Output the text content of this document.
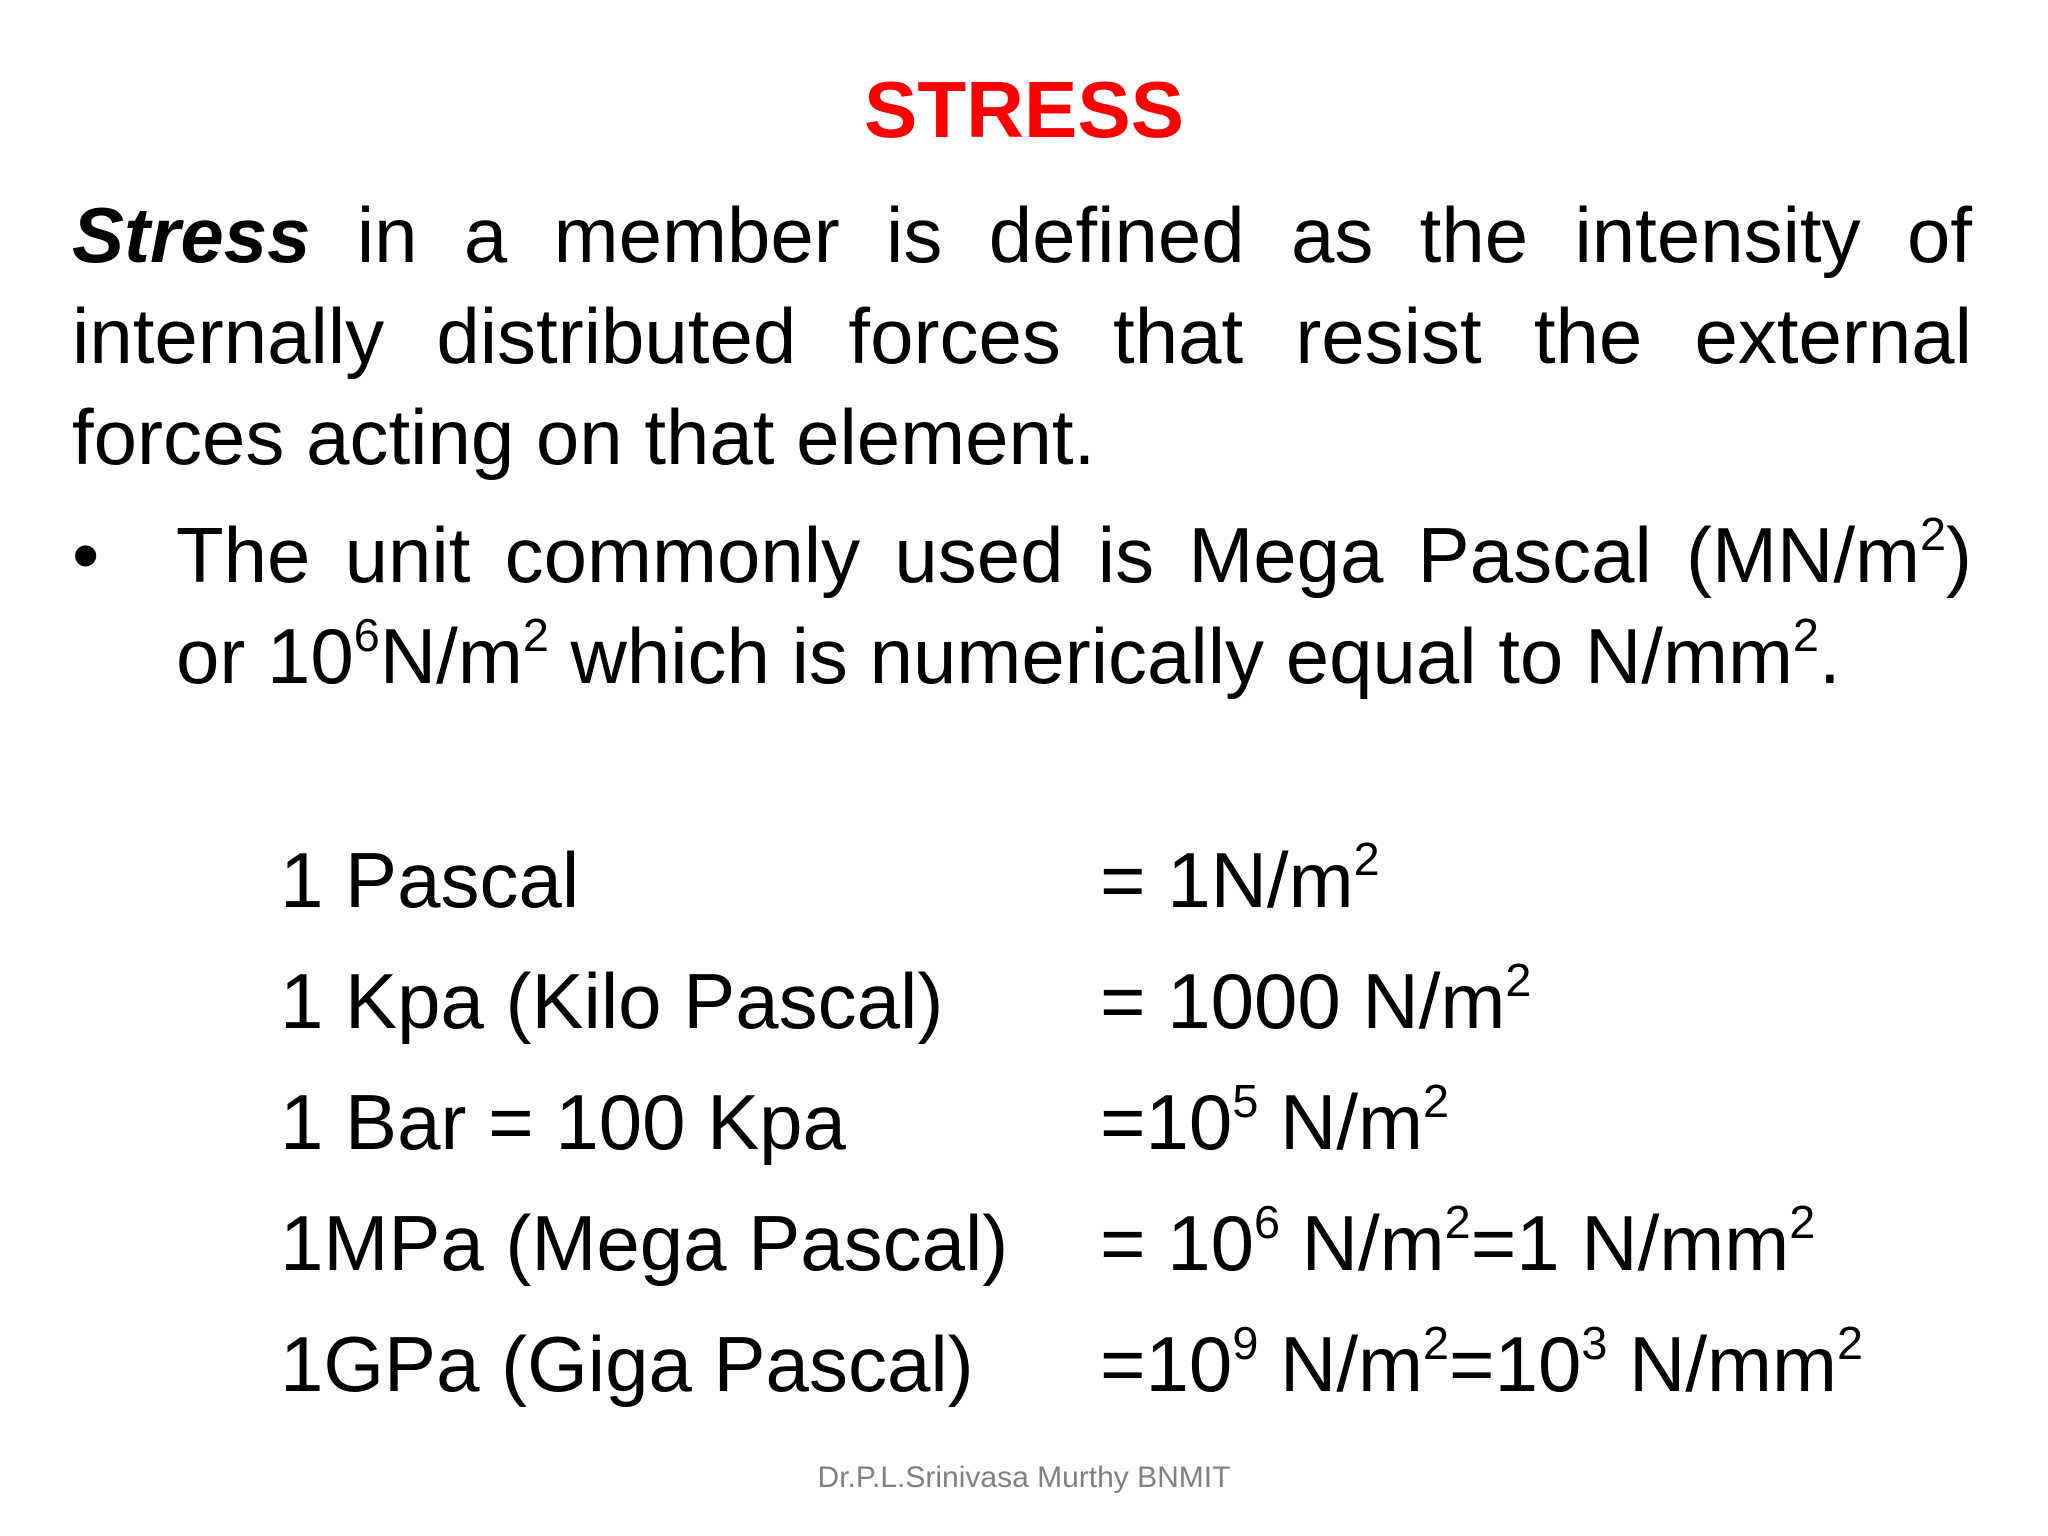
STRESS

Stress in a member is defined as the intensity of internally distributed forces that resist the external forces acting on that element.

• The unit commonly used is Mega Pascal $(MN/m^2)$ or $10^6N/m^2$ which is numerically equal to $N/mm^2$.

1 Pascal	= $1N/m^2$
1 Kpa (Kilo Pascal) = 1000 $N/m^2$
1 Bar = 100 Kpa	$=10^5$ $N/m^2$
1MPa (Mega Pascal) = $10^6$ $N/m^2=1$ $N/mm^2$
1GPa (Giga Pascal) $=10^9$ $N/m^2=10^3$ $N/mm^2$
Dr.P.L.Srinivasa Murthy BNMIT
